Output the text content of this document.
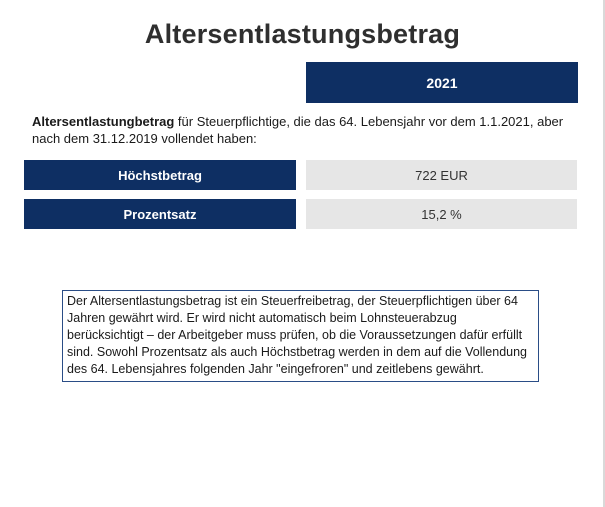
Altersentlastungsbetrag
2021

Altersentlastungbetrag für Steuerpflichtige, die das 64. Lebensjahr vor dem 1.1.2021, aber nach dem 31.12.2019 vollendet haben:

Höchstbetrag	722 EUR
Prozentsatz	15,2 %
Der Altersentlastungsbetrag ist ein Steuerfreibetrag, der Steuerpflichtigen über 64 Jahren gewährt wird. Er wird nicht automatisch beim Lohnsteuerabzug berücksichtigt – der Arbeitgeber muss prüfen, ob die Voraussetzungen dafür erfüllt sind. Sowohl Prozentsatz als auch Höchstbetrag werden in dem auf die Vollendung des 64. Lebensjahres folgenden Jahr "eingefroren" und zeitlebens gewährt.
